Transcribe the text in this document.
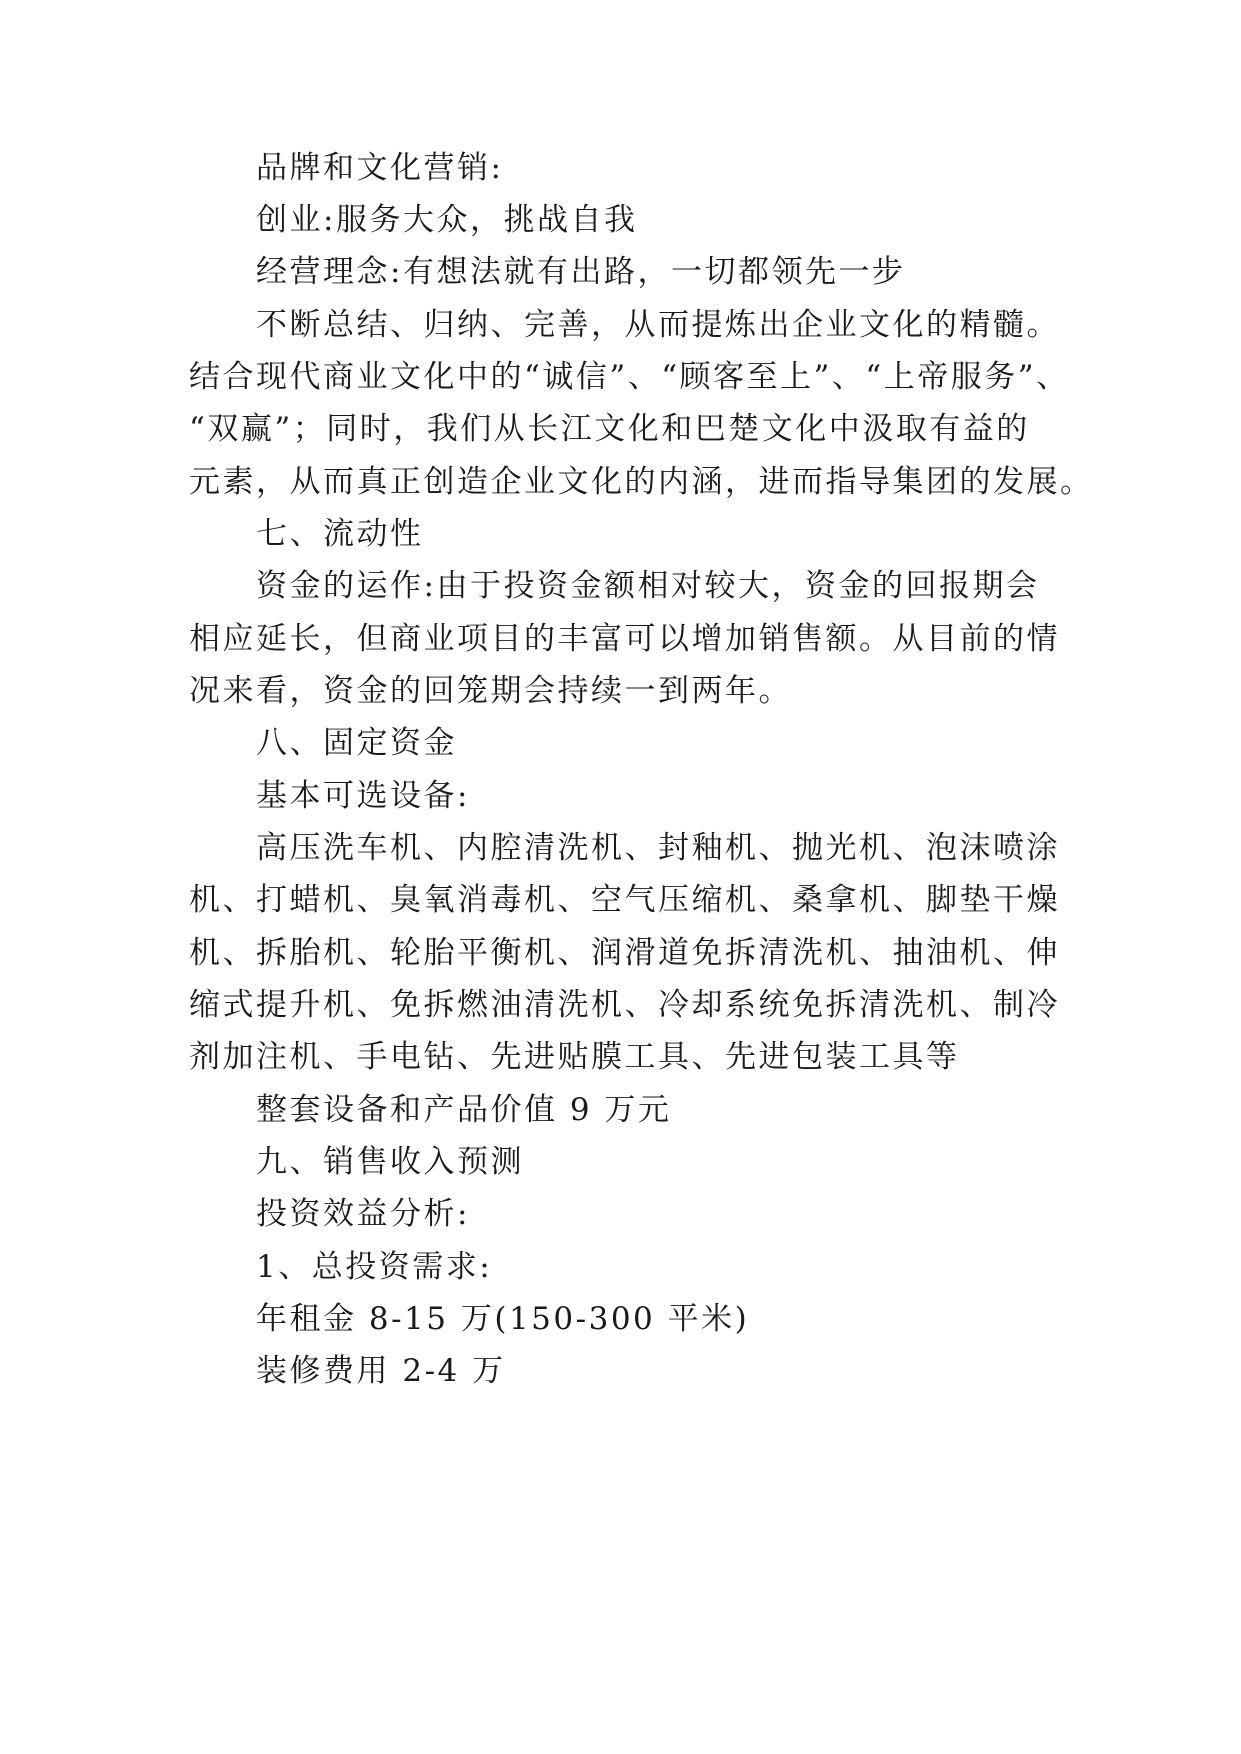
品牌和文化营销:
创业:服务大众，挑战自我
经营理念:有想法就有出路，一切都领先一步
不断总结、归纳、完善，从而提炼出企业文化的精髓。
结合现代商业文化中的“诚信”、“顾客至上”、“上帝服务”、
“双赢”；同时，我们从长江文化和巴楚文化中汲取有益的
元素，从而真正创造企业文化的内涵，进而指导集团的发展。
七、流动性
资金的运作:由于投资金额相对较大，资金的回报期会
相应延长，但商业项目的丰富可以增加销售额。从目前的情
况来看，资金的回笼期会持续一到两年。
八、固定资金
基本可选设备:
高压洗车机、内腔清洗机、封釉机、抛光机、泡沫喷涂
机、打蜡机、臭氧消毒机、空气压缩机、桑拿机、脚垫干燥
机、拆胎机、轮胎平衡机、润滑道免拆清洗机、抽油机、伸
缩式提升机、免拆燃油清洗机、冷却系统免拆清洗机、制冷
剂加注机、手电钻、先进贴膜工具、先进包装工具等
整套设备和产品价值 9 万元
九、销售收入预测
投资效益分析:
1、总投资需求:
年租金 8-15 万(150-300 平米)
装修费用 2-4 万
